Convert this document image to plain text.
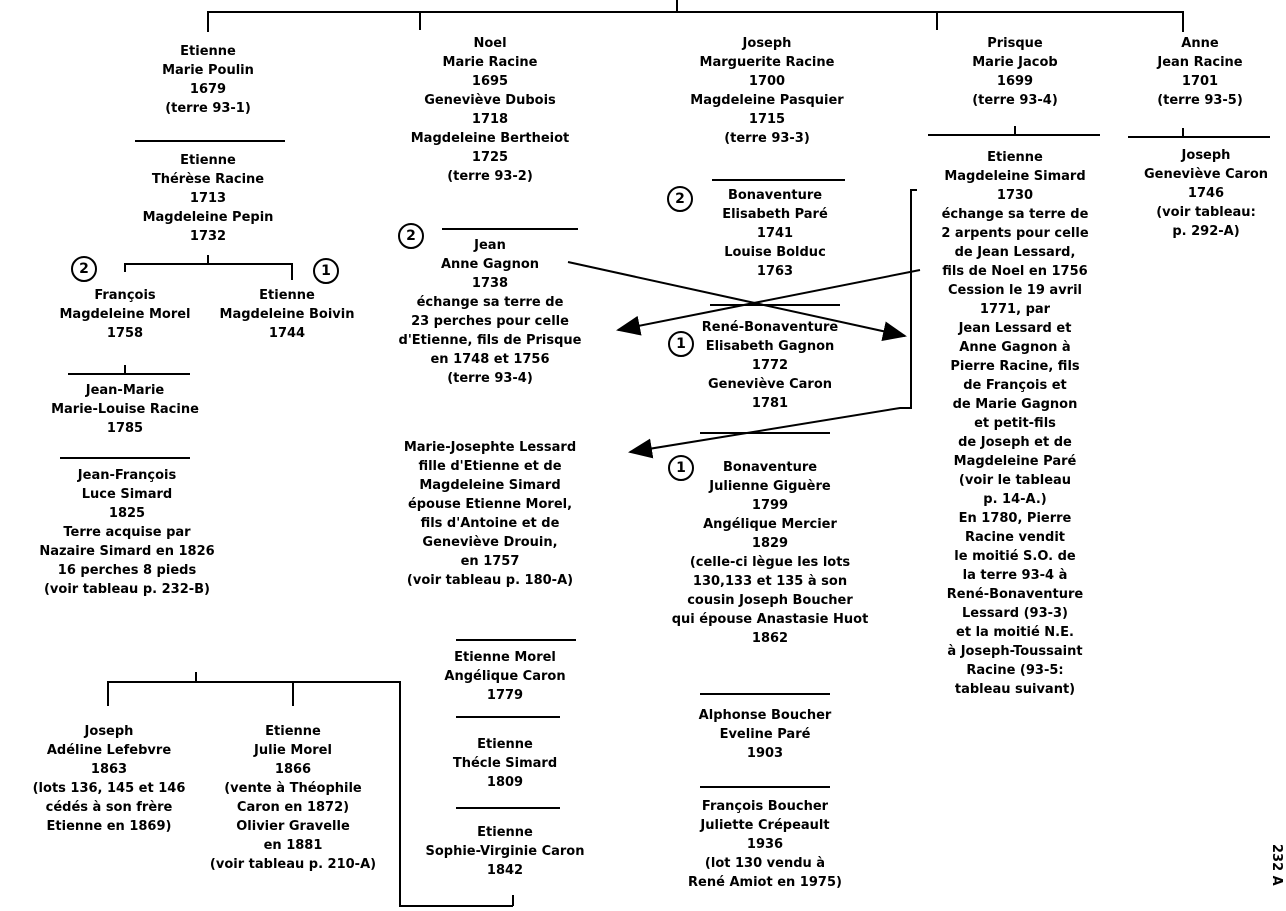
Etienne
Marie Poulin
1679
(terre 93-1)
Etienne
Thérèse Racine
1713
Magdeleine Pepin
1732
2	1
François
Magdeleine Morel
1758
Etienne
Magdeleine Boivin
1744
Jean-Marie
Marie-Louise Racine
1785
Jean-François
Luce Simard
1825
Terre acquise par
Nazaire Simard en 1826
16 perches 8 pieds
(voir tableau p. 232-B)
Noel
Marie Racine
1695
Geneviève Dubois
1718
Magdeleine Bertheiot
1725
(terre 93-2)
2
Jean
Anne Gagnon
1738
échange sa terre de
23 perches pour celle
d'Etienne, fils de Prisque
en 1748 et 1756
(terre 93-4)
Marie-Josephte Lessard
fille d'Etienne et de
Magdeleine Simard
épouse Etienne Morel,
fils d'Antoine et de
Geneviève Drouin,
en 1757
(voir tableau p. 180-A)
Etienne Morel
Angélique Caron
1779
Etienne
Thécle Simard
1809
Etienne
Sophie-Virginie Caron
1842
Joseph
Adéline Lefebvre
1863
(lots 136, 145 et 146
cédés à son frère
Etienne en 1869)
Etienne
Julie Morel
1866
(vente à Théophile
Caron en 1872)
Olivier Gravelle
en 1881
(voir tableau p. 210-A)
Joseph
Marguerite Racine
1700
Magdeleine Pasquier
1715
(terre 93-3)
2	Bonaventure
Elisabeth Paré
1741
Louise Bolduc
1763
1
René-Bonaventure
Elisabeth Gagnon
1772
Geneviève Caron
1781
1	Bonaventure
Julienne Giguère
1799
Angélique Mercier
1829
(celle-ci lègue les lots
130,133 et 135 à son
cousin Joseph Boucher
qui épouse Anastasie Huot
1862
Alphonse Boucher
Eveline Paré
1903
François Boucher
Juliette Crépeault
1936
(lot 130 vendu à
René Amiot en 1975)
Prisque
Marie Jacob
1699
(terre 93-4)
Etienne
Magdeleine Simard
1730
échange sa terre de
2 arpents pour celle
de Jean Lessard,
fils de Noel en 1756
Cession le 19 avril
1771, par
Jean Lessard et
Anne Gagnon à
Pierre Racine, fils
de François et
de Marie Gagnon
et petit-fils
de Joseph et de
Magdeleine Paré
(voir le tableau
p. 14-A.)
En 1780, Pierre
Racine vendit
le moitié S.O. de
la terre 93-4 à
René-Bonaventure
Lessard (93-3)
et la moitié N.E.
à Joseph-Toussaint
Racine (93-5:
tableau suivant)
Anne
Jean Racine
1701
(terre 93-5)
Joseph
Geneviève Caron
1746
(voir tableau:
p. 292-A)
232 A
